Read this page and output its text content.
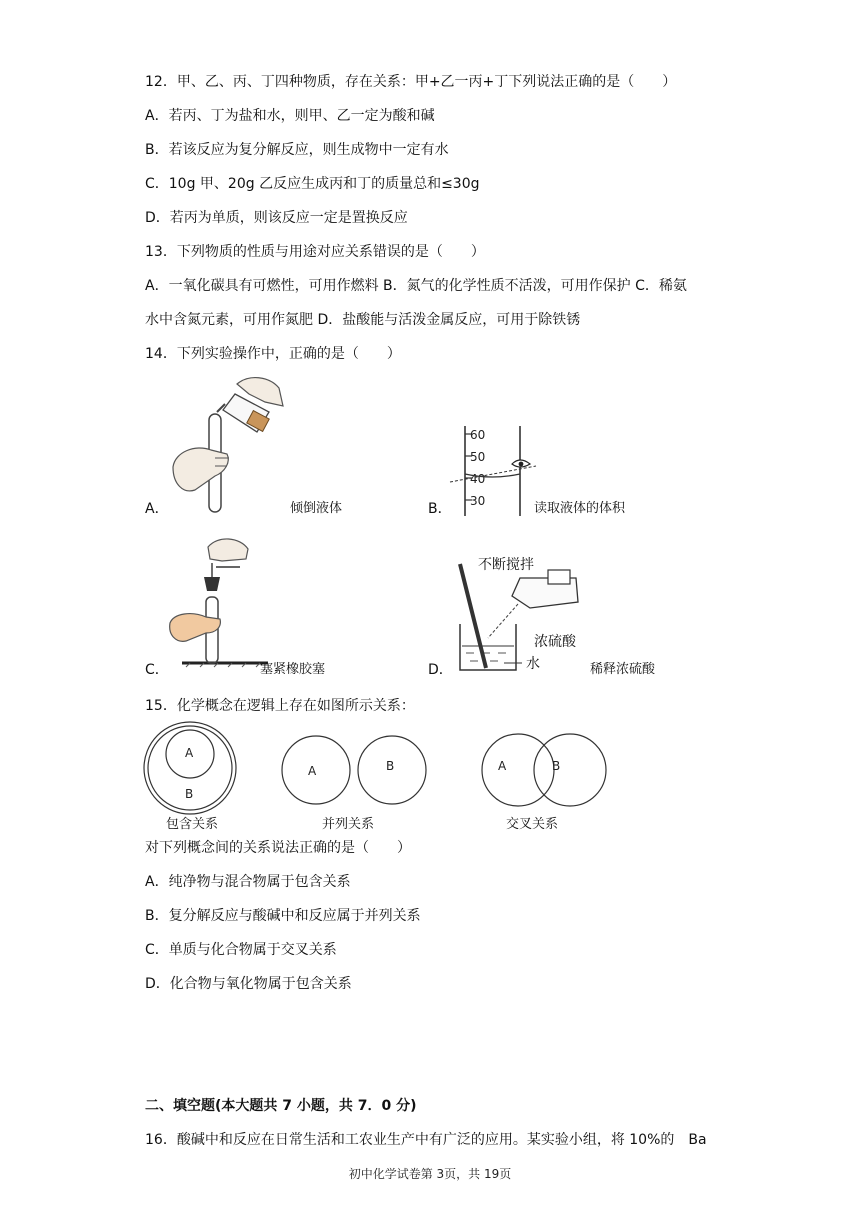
12．甲、乙、丙、丁四种物质，存在关系：甲+乙一丙+丁下列说法正确的是（　　）
A．若丙、丁为盐和水，则甲、乙一定为酸和碱
B．若该反应为复分解反应，则生成物中一定有水
C．10g 甲、20g 乙反应生成丙和丁的质量总和≤30g
D．若丙为单质，则该反应一定是置换反应
13．下列物质的性质与用途对应关系错误的是（　　）
A．一氧化碳具有可燃性，可用作燃料 B．氮气的化学性质不活泼，可用作保护 C．稀氨
水中含氮元素，可用作氮肥 D．盐酸能与活泼金属反应，可用于除铁锈
14．下列实验操作中，正确的是（　　）
A．	倾倒液体	B．
60
50
40
30	读取液体的体积
C．	塞紧橡胶塞	D．
不断搅拌
浓硫酸
水	稀释浓硫酸
15．化学概念在逻辑上存在如图所示关系：
A
B
包含关系
A	B
并列关系
A	B
交叉关系
对下列概念间的关系说法正确的是（　　）
A．纯净物与混合物属于包含关系
B．复分解反应与酸碱中和反应属于并列关系
C．单质与化合物属于交叉关系
D．化合物与氧化物属于包含关系
二、填空题(本大题共 7 小题，共 7．0 分)
16．酸碱中和反应在日常生活和工农业生产中有广泛的应用。某实验小组，将 10%的　Ba
初中化学试卷第 3页，共 19页
